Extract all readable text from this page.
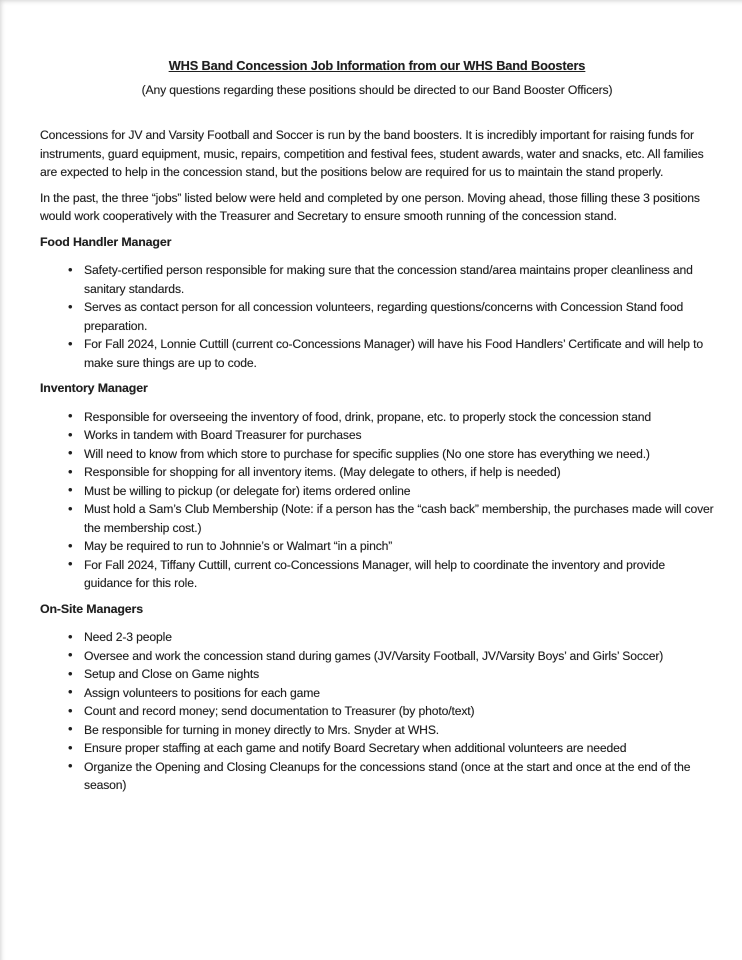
WHS Band Concession Job Information from our WHS Band Boosters

(Any questions regarding these positions should be directed to our Band Booster Officers)

Concessions for JV and Varsity Football and Soccer is run by the band boosters. It is incredibly important for raising funds for instruments, guard equipment, music, repairs, competition and festival fees, student awards, water and snacks, etc. All families are expected to help in the concession stand, but the positions below are required for us to maintain the stand properly.

In the past, the three “jobs” listed below were held and completed by one person. Moving ahead, those filling these 3 positions would work cooperatively with the Treasurer and Secretary to ensure smooth running of the concession stand.

Food Handler Manager
• Safety-certified person responsible for making sure that the concession stand/area maintains proper cleanliness and sanitary standards.
• Serves as contact person for all concession volunteers, regarding questions/concerns with Concession Stand food preparation.
• For Fall 2024, Lonnie Cuttill (current co-Concessions Manager) will have his Food Handlers’ Certificate and will help to make sure things are up to code.
Inventory Manager
• Responsible for overseeing the inventory of food, drink, propane, etc. to properly stock the concession stand
• Works in tandem with Board Treasurer for purchases
• Will need to know from which store to purchase for specific supplies (No one store has everything we need.)
• Responsible for shopping for all inventory items. (May delegate to others, if help is needed)
• Must be willing to pickup (or delegate for) items ordered online
• Must hold a Sam’s Club Membership (Note: if a person has the “cash back” membership, the purchases made will cover the membership cost.)
• May be required to run to Johnnie’s or Walmart “in a pinch”
• For Fall 2024, Tiffany Cuttill, current co-Concessions Manager, will help to coordinate the inventory and provide guidance for this role.
On-Site Managers
• Need 2-3 people
• Oversee and work the concession stand during games (JV/Varsity Football, JV/Varsity Boys’ and Girls’ Soccer)
• Setup and Close on Game nights
• Assign volunteers to positions for each game
• Count and record money; send documentation to Treasurer (by photo/text)
• Be responsible for turning in money directly to Mrs. Snyder at WHS.
• Ensure proper staffing at each game and notify Board Secretary when additional volunteers are needed
• Organize the Opening and Closing Cleanups for the concessions stand (once at the start and once at the end of the season)
